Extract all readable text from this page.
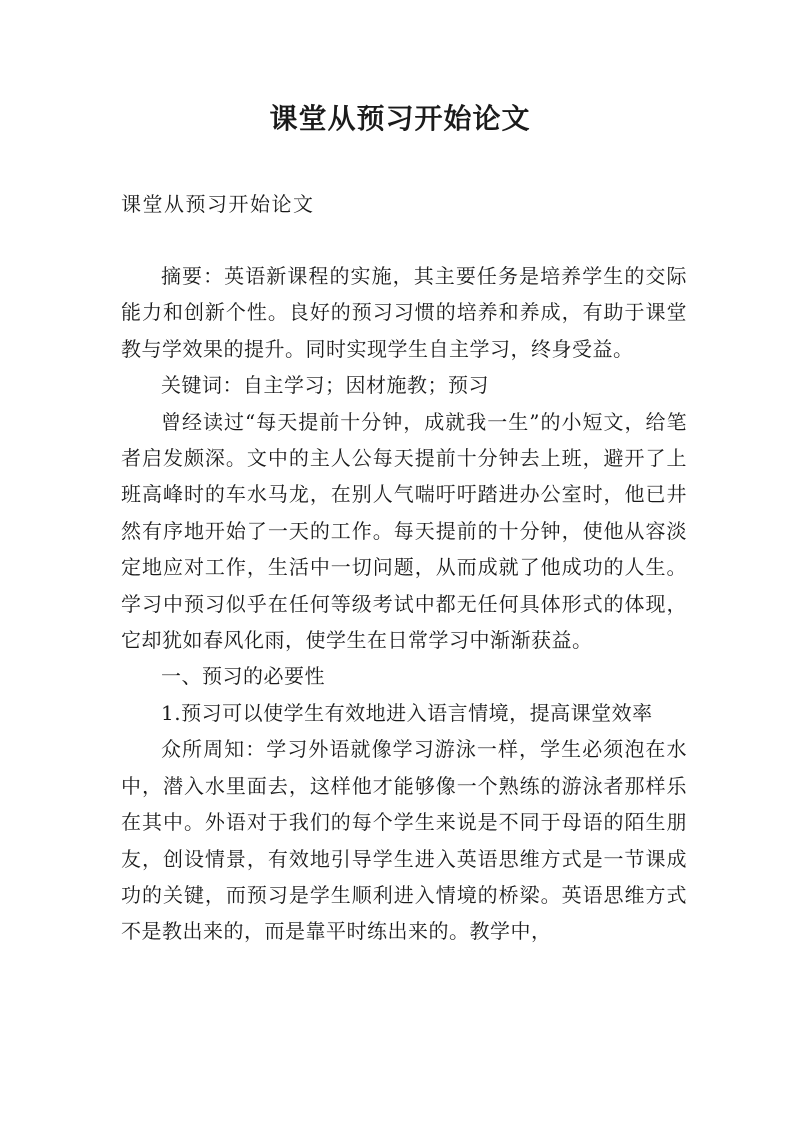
课堂从预习开始论文

课堂从预习开始论文

摘要：英语新课程的实施，其主要任务是培养学生的交际能力和创新个性。良好的预习习惯的培养和养成，有助于课堂教与学效果的提升。同时实现学生自主学习，终身受益。

关键词：自主学习；因材施教；预习

曾经读过“每天提前十分钟，成就我一生”的小短文，给笔者启发颇深。文中的主人公每天提前十分钟去上班，避开了上班高峰时的车水马龙，在别人气喘吁吁踏进办公室时，他已井然有序地开始了一天的工作。每天提前的十分钟，使他从容淡定地应对工作，生活中一切问题，从而成就了他成功的人生。学习中预习似乎在任何等级考试中都无任何具体形式的体现，它却犹如春风化雨，使学生在日常学习中渐渐获益。

一、预习的必要性

1.预习可以使学生有效地进入语言情境，提高课堂效率

众所周知：学习外语就像学习游泳一样，学生必须泡在水中，潜入水里面去，这样他才能够像一个熟练的游泳者那样乐在其中。外语对于我们的每个学生来说是不同于母语的陌生朋友，创设情景，有效地引导学生进入英语思维方式是一节课成功的关键，而预习是学生顺利进入情境的桥梁。英语思维方式不是教出来的，而是靠平时练出来的。教学中，
